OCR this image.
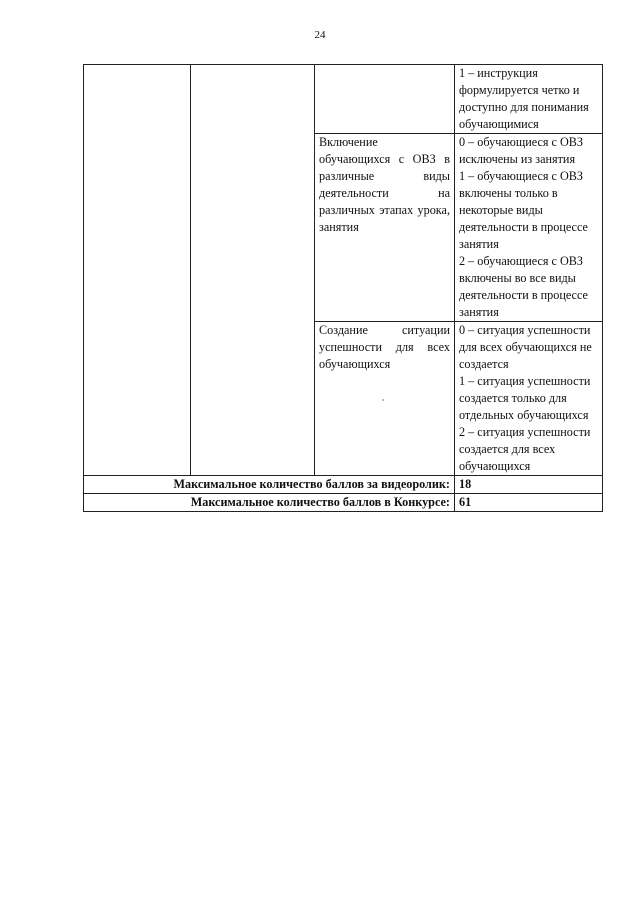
24

			1 – инструкция формулируется четко и доступно для понимания обучающимися

		Включение обучающихся с ОВЗ в различные виды деятельности на различных этапах урока, занятия	0 – обучающиеся с ОВЗ исключены из занятия
1 – обучающиеся с ОВЗ включены только в некоторые виды деятельности в процессе занятия
2 – обучающиеся с ОВЗ включены во все виды деятельности в процессе занятия

		Создание ситуации успешности для всех обучающихся	0 – ситуация успешности для всех обучающихся не создается
1 – ситуация успешности создается только для отдельных обучающихся
2 – ситуация успешности создается для всех обучающихся

Максимальное количество баллов за видеоролик:			18
Максимальное количество баллов в Конкурсе:			61
